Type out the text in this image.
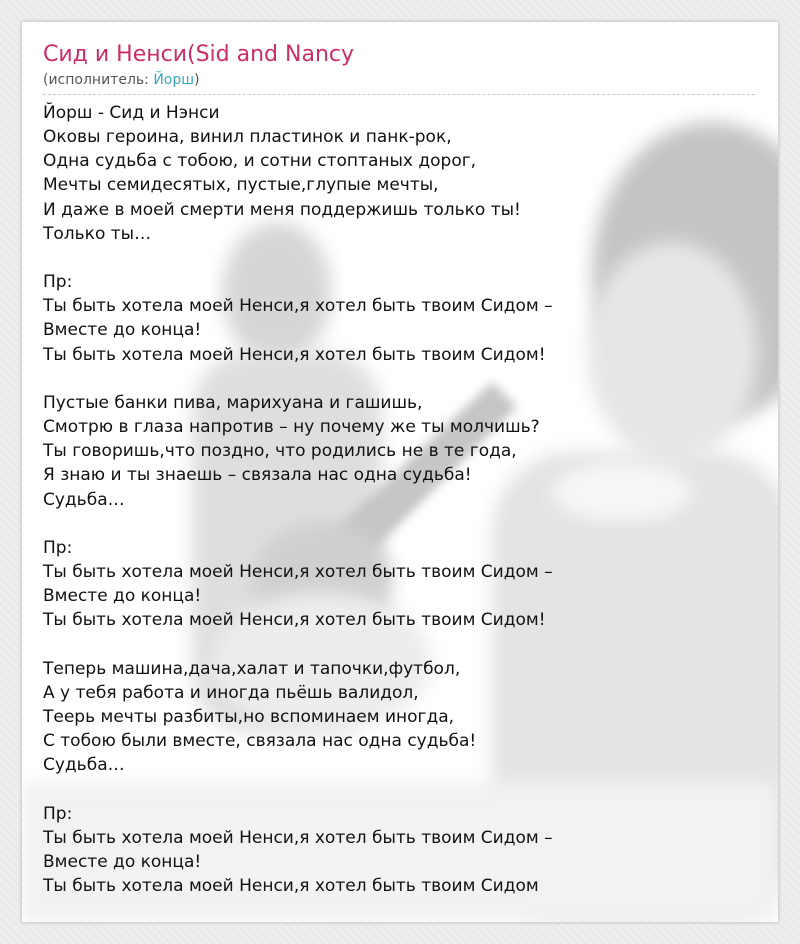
Сид и Ненси(Sid and Nancy
(исполнитель: Йорш)
Йорш - Сид и Нэнси
Оковы героина, винил пластинок и панк-рок,
Одна судьба с тобою, и сотни стоптаных дорог,
Мечты семидесятых, пустые,глупые мечты,
И даже в моей смерти меня поддержишь только ты!
Только ты…

Пр:
Ты быть хотела моей Ненси,я хотел быть твоим Сидом –
Вместе до конца!
Ты быть хотела моей Ненси,я хотел быть твоим Сидом!

Пустые банки пива, марихуана и гашишь,
Смотрю в глаза напротив – ну почему же ты молчишь?
Ты говоришь,что поздно, что родились не в те года,
Я знаю и ты знаешь – связала нас одна судьба!
Судьба…

Пр:
Ты быть хотела моей Ненси,я хотел быть твоим Сидом –
Вместе до конца!
Ты быть хотела моей Ненси,я хотел быть твоим Сидом!

Теперь машина,дача,халат и тапочки,футбол,
А у тебя работа и иногда пьёшь валидол,
Теерь мечты разбиты,но вспоминаем иногда,
С тобою были вместе, связала нас одна судьба!
Судьба…

Пр:
Ты быть хотела моей Ненси,я хотел быть твоим Сидом –
Вместе до конца!
Ты быть хотела моей Ненси,я хотел быть твоим Сидом
